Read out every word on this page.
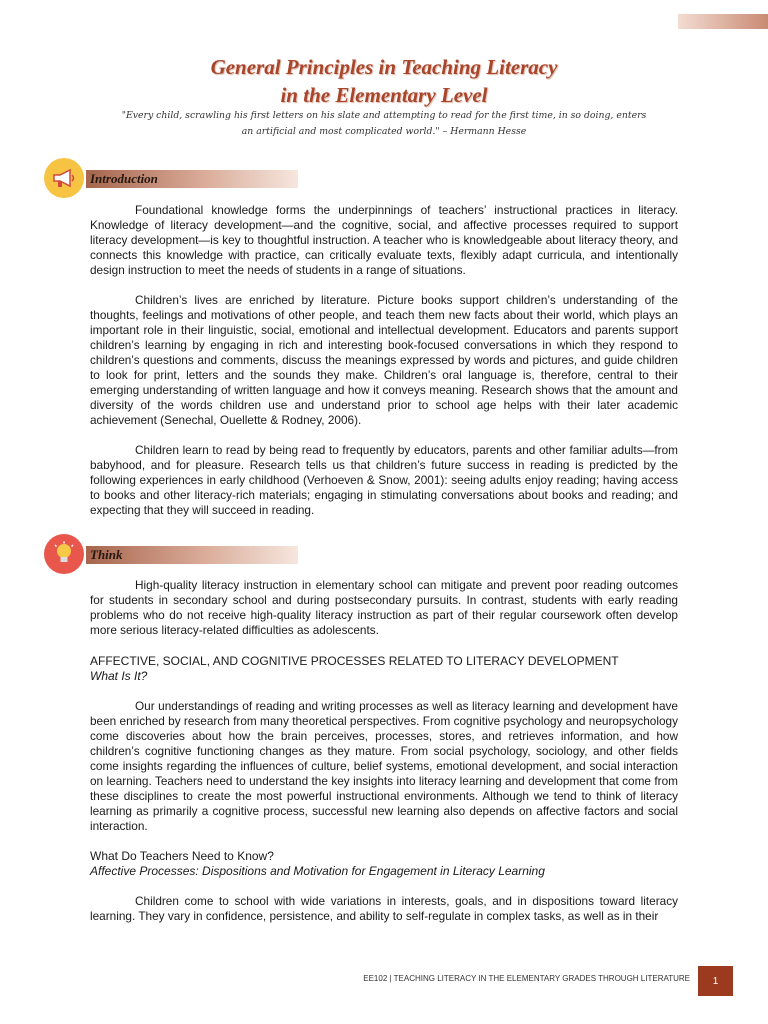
General Principles in Teaching Literacy
in the Elementary Level
"Every child, scrawling his first letters on his slate and attempting to read for the first time, in so doing, enters
an artificial and most complicated world." – Hermann Hesse
Introduction

Foundational knowledge forms the underpinnings of teachers’ instructional practices in literacy. Knowledge of literacy development—and the cognitive, social, and affective processes required to support literacy development—is key to thoughtful instruction. A teacher who is knowledgeable about literacy theory, and connects this knowledge with practice, can critically evaluate texts, flexibly adapt curricula, and intentionally design instruction to meet the needs of students in a range of situations.

Children’s lives are enriched by literature. Picture books support children’s understanding of the thoughts, feelings and motivations of other people, and teach them new facts about their world, which plays an important role in their linguistic, social, emotional and intellectual development. Educators and parents support children’s learning by engaging in rich and interesting book-focused conversations in which they respond to children’s questions and comments, discuss the meanings expressed by words and pictures, and guide children to look for print, letters and the sounds they make. Children’s oral language is, therefore, central to their emerging understanding of written language and how it conveys meaning. Research shows that the amount and diversity of the words children use and understand prior to school age helps with their later academic achievement (Senechal, Ouellette & Rodney, 2006).

Children learn to read by being read to frequently by educators, parents and other familiar adults—from babyhood, and for pleasure. Research tells us that children’s future success in reading is predicted by the following experiences in early childhood (Verhoeven & Snow, 2001): seeing adults enjoy reading; having access to books and other literacy-rich materials; engaging in stimulating conversations about books and reading; and expecting that they will succeed in reading.

Think

High-quality literacy instruction in elementary school can mitigate and prevent poor reading outcomes for students in secondary school and during postsecondary pursuits. In contrast, students with early reading problems who do not receive high-quality literacy instruction as part of their regular coursework often develop more serious literacy-related difficulties as adolescents.

AFFECTIVE, SOCIAL, AND COGNITIVE PROCESSES RELATED TO LITERACY DEVELOPMENT
What Is It?

Our understandings of reading and writing processes as well as literacy learning and development have been enriched by research from many theoretical perspectives. From cognitive psychology and neuropsychology come discoveries about how the brain perceives, processes, stores, and retrieves information, and how children’s cognitive functioning changes as they mature. From social psychology, sociology, and other fields come insights regarding the influences of culture, belief systems, emotional development, and social interaction on learning. Teachers need to understand the key insights into literacy learning and development that come from these disciplines to create the most powerful instructional environments. Although we tend to think of literacy learning as primarily a cognitive process, successful new learning also depends on affective factors and social interaction.

What Do Teachers Need to Know?
Affective Processes: Dispositions and Motivation for Engagement in Literacy Learning

Children come to school with wide variations in interests, goals, and in dispositions toward literacy learning. They vary in confidence, persistence, and ability to self-regulate in complex tasks, as well as in their

EE102 | TEACHING LITERACY IN THE ELEMENTARY GRADES THROUGH LITERATURE	1
